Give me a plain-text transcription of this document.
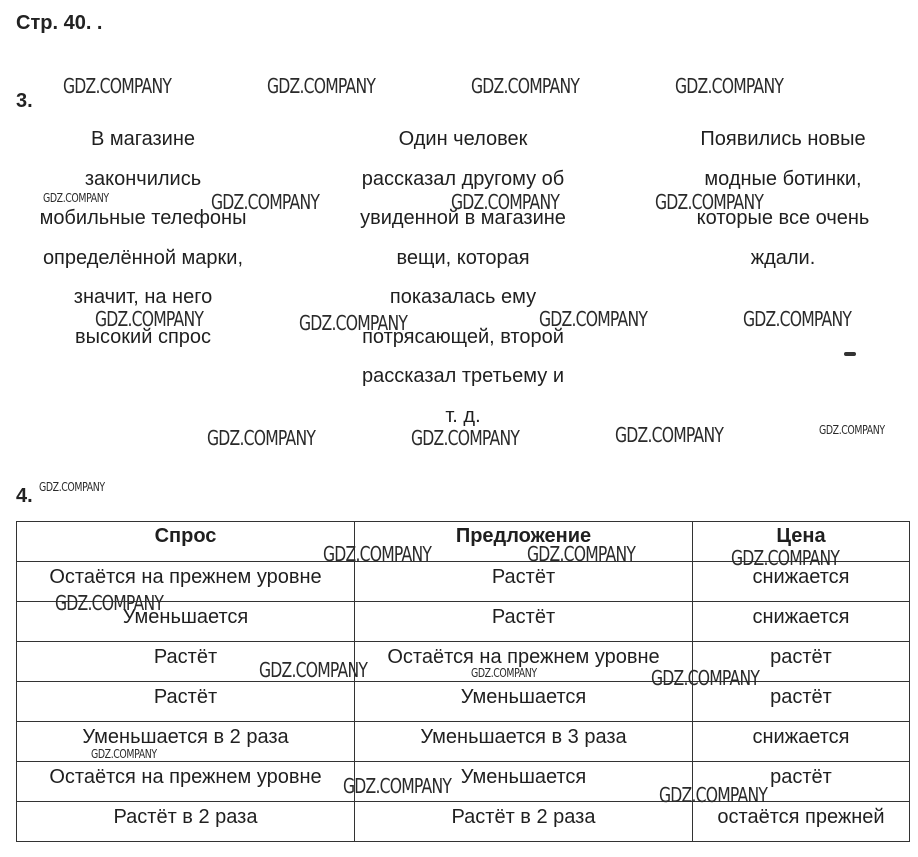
Стр. 40. .
3.
В магазине
закончились
мобильные телефоны
определённой марки,
значит, на него
высокий спрос
Один человек
рассказал другому об
увиденной в магазине
вещи, которая
показалась ему
потрясающей, второй
рассказал третьему и
т. д.
Появились новые
модные ботинки,
которые все очень
ждали.
4.
Спрос	Предложение	Цена
Остаётся на прежнем уровне	Растёт	снижается
Уменьшается	Растёт	снижается
Растёт	Остаётся на прежнем уровне	растёт
Растёт	Уменьшается	растёт
Уменьшается в 2 раза	Уменьшается в 3 раза	снижается
Остаётся на прежнем уровне	Уменьшается	растёт
Растёт в 2 раза	Растёт в 2 раза	остаётся прежней
GDZ.COMPANY	GDZ.COMPANY	GDZ.COMPANY	GDZ.COMPANY
GDZ.COMPANY	GDZ.COMPANY	GDZ.COMPANY	GDZ.COMPANY
GDZ.COMPANY	GDZ.COMPANY	GDZ.COMPANY	GDZ.COMPANY
GDZ.COMPANY	GDZ.COMPANY	GDZ.COMPANY	GDZ.COMPANY
GDZ.COMPANY
GDZ.COMPANY	GDZ.COMPANY	GDZ.COMPANY
GDZ.COMPANY
GDZ.COMPANY	GDZ.COMPANY	GDZ.COMPANY
GDZ.COMPANY
GDZ.COMPANY	GDZ.COMPANY
